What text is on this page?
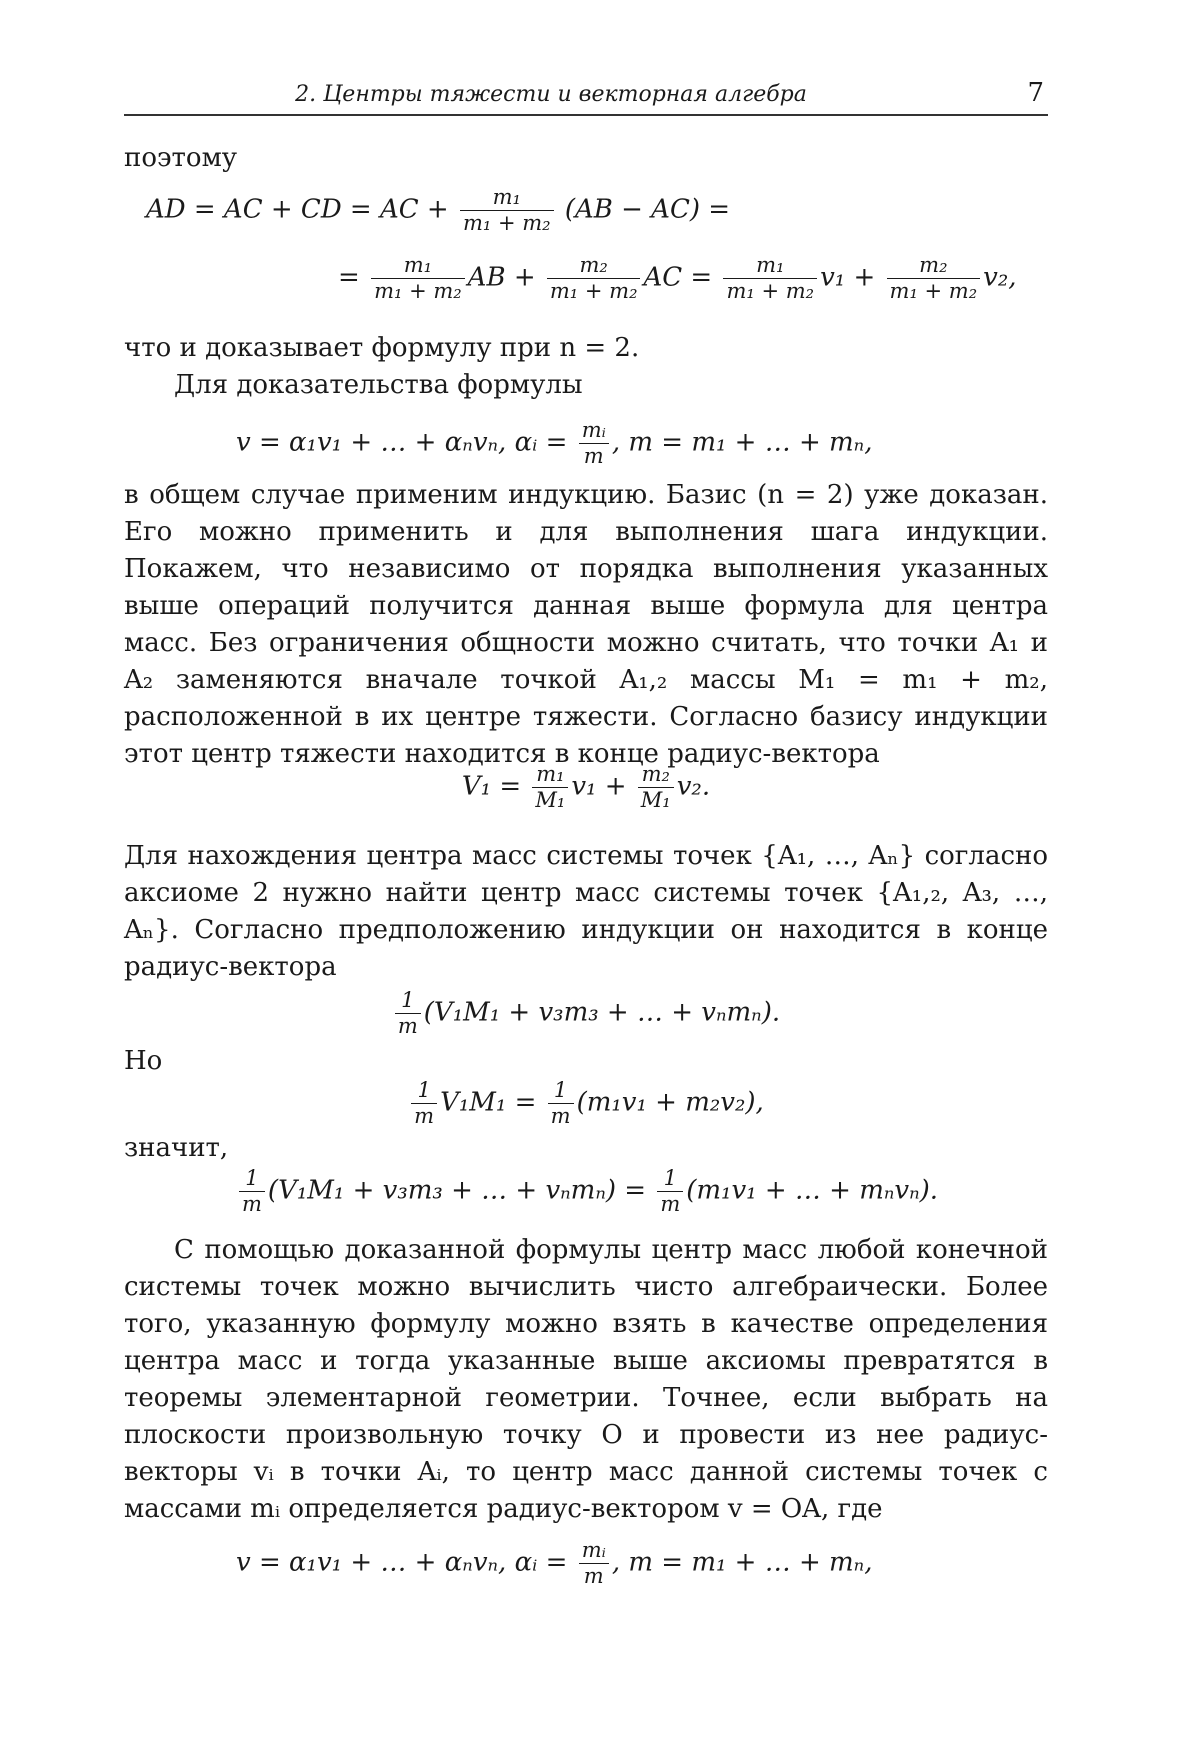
2. Центры тяжести и векторная алгебра	7

поэтому

AD = AC + CD = AC + $\frac{\text{m₁}}{\text{m₁ + m₂}} (AB - AC)$ =
= $\frac{\text{m₁}}{\text{m₁ + m₂}}$ AB + $\frac{\text{m₂}}{\text{m₁ + m₂}}$ AC = $\frac{\text{m₁}}{\text{m₁ + m₂}} v_1 + \frac{\text{m₂}}{\text{m₁ + m₂}} v_2$,

что и доказывает формулу при n = 2.

Для доказательства формулы

v = α₁v₁ + … + αₙvₙ, αᵢ = $\frac{\text{mᵢ}}{m}$ , m = m₁ + … + mₙ,

в общем случае применим индукцию. Базис (n = 2) уже доказан. Его можно применить и для выполнения шага индукции. Покажем, что независимо от порядка выполнения указанных выше операций получится данная выше формула для центра масс. Без ограничения общности можно считать, что точки A₁ и A₂ заменяются вначале точкой A₁,₂ массы M₁ = m₁ + m₂, расположенной в их центре тяжести. Согласно базису индукции этот центр тяжести находится в конце радиус-вектора

$V_1 = \frac{\text{m₁}}{\text{M₁}} v_1 + \frac{\text{m₂}}{\text{M₁}} v_2$.

Для нахождения центра масс системы точек {A₁, …, Aₙ} согласно аксиоме 2 нужно найти центр масс системы точек {A₁,₂, A₃, …, Aₙ}. Согласно предположению индукции он находится в конце радиус-вектора

$\frac{1}{m} (V_1M_1 + v_3m_3$ + … + vₙmₙ).

Но

$\frac{1}{m} V_1M_1 = \frac{1}{m} (m_1v_1 + m_2v_2)$,

значит,

$\frac{1}{m} (V_1M_1 + v_3m_3$ + … + $v_nm_n) = \frac{1}{m} (m_1v_1$ + … + mₙvₙ).

С помощью доказанной формулы центр масс любой конечной системы точек можно вычислить чисто алгебраически. Более того, указанную формулу можно взять в качестве определения центра масс и тогда указанные выше аксиомы превратятся в теоремы элементарной геометрии. Точнее, если выбрать на плоскости произвольную точку O и провести из нее радиус-векторы vᵢ в точки Aᵢ, то центр масс данной системы точек с массами mᵢ определяется радиус-вектором v = OA, где

v = α₁v₁ + … + αₙvₙ, αᵢ = $\frac{\text{mᵢ}}{m}$ , m = m₁ + … + mₙ,
